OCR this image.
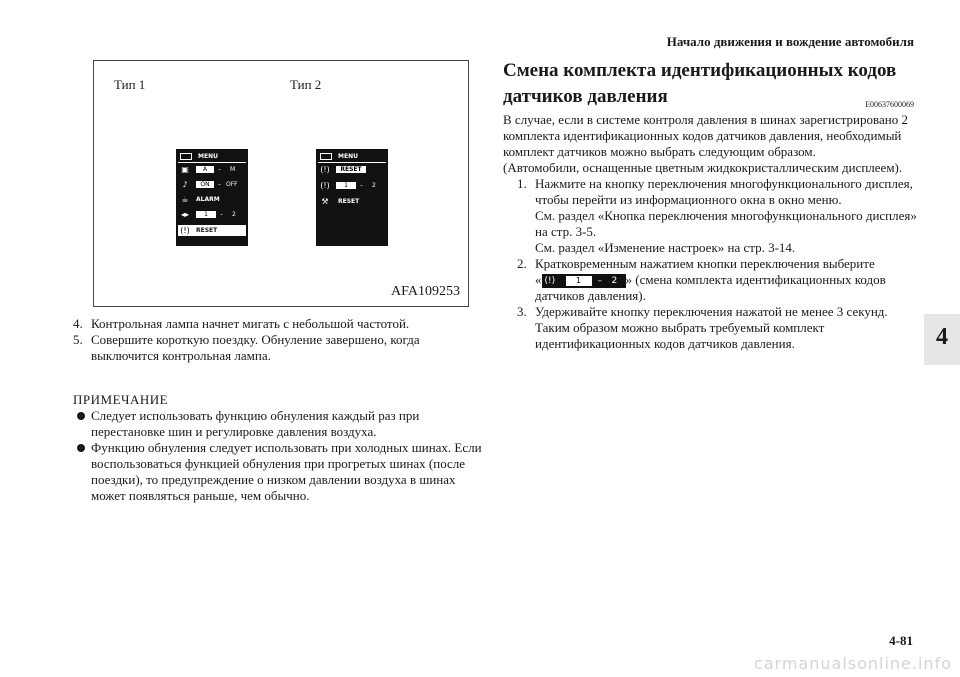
Начало движения и вождение автомобиля
Тип 1	Тип 2
MENU
▣	A	– M
♪	ON	– OFF
☕	ALARM
◂▸	1	– 2
(!) RESET
MENU
(!)	RESET
(!)	1	– 2
⚒	RESET
AFA109253
4. Контрольная лампа начнет мигать с небольшой частотой.
5. Совершите короткую поездку. Обнуление завершено, когда выключится контрольная лампа.
ПРИМЕЧАНИЕ
Следует использовать функцию обнуления каждый раз при перестановке шин и регулировке давления воздуха.
Функцию обнуления следует использовать при холодных шинах. Если воспользоваться функцией обнуления при прогретых шинах (после поездки), то предупреждение о низком давлении воздуха в шинах может появляться раньше, чем обычно.
Смена комплекта идентификационных кодов датчиков давления	E00637600069
В случае, если в системе контроля давления в шинах зарегистрировано 2 комплекта идентификационных кодов датчиков давления, необходимый комплект датчиков можно выбрать следующим образом.
(Автомобили, оснащенные цветным жидкокристаллическим дисплеем).
1. Нажмите на кнопку переключения многофункционального дисплея, чтобы перейти из информационного окна в окно меню.
См. раздел «Кнопка переключения многофункционального дисплея» на стр. 3-5.
См. раздел «Изменение настроек» на стр. 3-14.
2. Кратковременным нажатием кнопки переключения выберите
« (!)	1	– 2 » (смена комплекта идентификационных кодов датчиков давления).
3. Удерживайте кнопку переключения нажатой не менее 3 секунд. Таким образом можно выбрать требуемый комплект идентификационных кодов датчиков давления.	4
4-81
carmanualsonline.info
